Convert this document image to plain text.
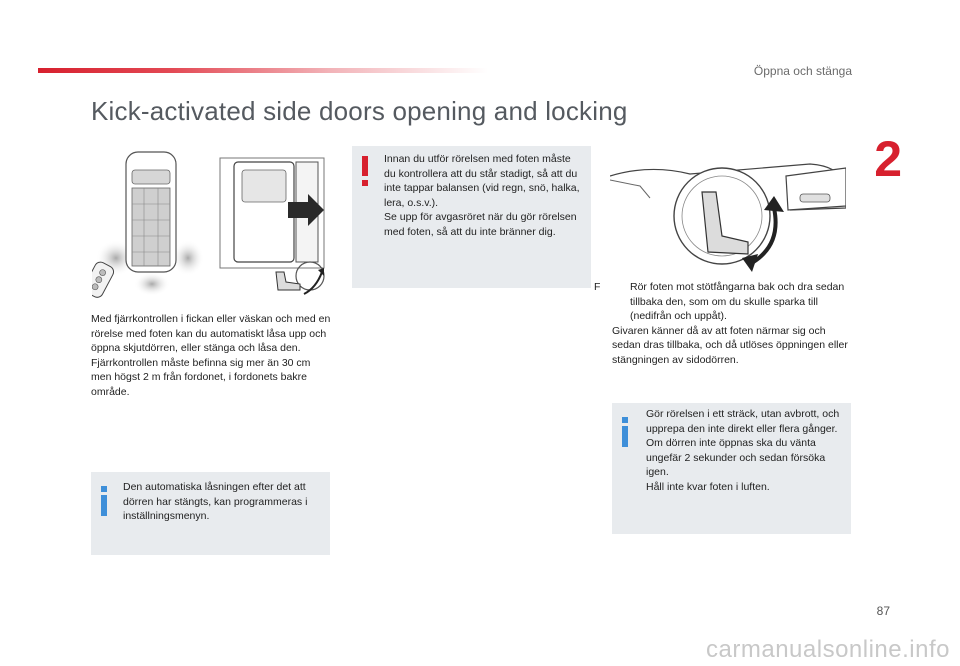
Öppna och stänga
2
Kick-activated side doors opening and locking

Innan du utför rörelsen med foten måste du kontrollera att du står stadigt, så att du inte tappar balansen (vid regn, snö, halka, lera, o.s.v.).

Se upp för avgasröret när du gör rörelsen med foten, så att du inte bränner dig.

Med fjärrkontrollen i fickan eller väskan och med en rörelse med foten kan du automatiskt låsa upp och öppna skjutdörren, eller stänga och låsa den.

Fjärrkontrollen måste befinna sig mer än 30 cm men högst 2 m från fordonet, i fordonets bakre område.

Den automatiska låsningen efter det att dörren har stängts, kan programmeras i inställningsmenyn.

F	Rör foten mot stötfångarna bak och dra sedan tillbaka den, som om du skulle sparka till (nedifrån och uppåt).

Givaren känner då av att foten närmar sig och sedan dras tillbaka, och då utlöses öppningen eller stängningen av sidodörren.

Gör rörelsen i ett sträck, utan avbrott, och upprepa den inte direkt eller flera gånger.

Om dörren inte öppnas ska du vänta ungefär 2 sekunder och sedan försöka igen.

Håll inte kvar foten i luften.

87
carmanualsonline.info
